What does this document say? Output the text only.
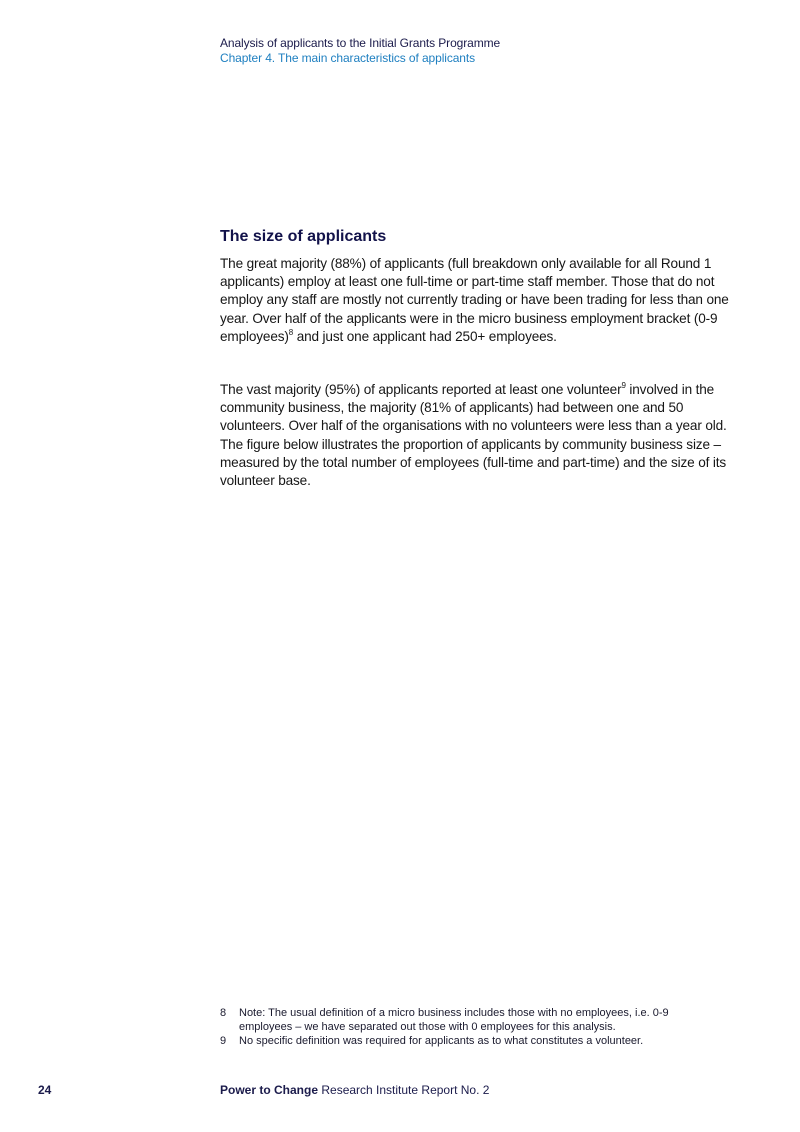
Analysis of applicants to the Initial Grants Programme
Chapter 4. The main characteristics of applicants
The size of applicants
The great majority (88%) of applicants (full breakdown only available for all Round 1 applicants) employ at least one full-time or part-time staff member. Those that do not employ any staff are mostly not currently trading or have been trading for less than one year. Over half of the applicants were in the micro business employment bracket (0-9 employees)$^8$ and just one applicant had 250+ employees.
The vast majority (95%) of applicants reported at least one volunteer$^9$ involved in the community business, the majority (81% of applicants) had between one and 50 volunteers. Over half of the organisations with no volunteers were less than a year old. The figure below illustrates the proportion of applicants by community business size – measured by the total number of employees (full-time and part-time) and the size of its volunteer base.
8 Note: The usual definition of a micro business includes those with no employees, i.e. 0-9 employees – we have separated out those with 0 employees for this analysis.
9 No specific definition was required for applicants as to what constitutes a volunteer.
24	Power to Change Research Institute Report No. 2
